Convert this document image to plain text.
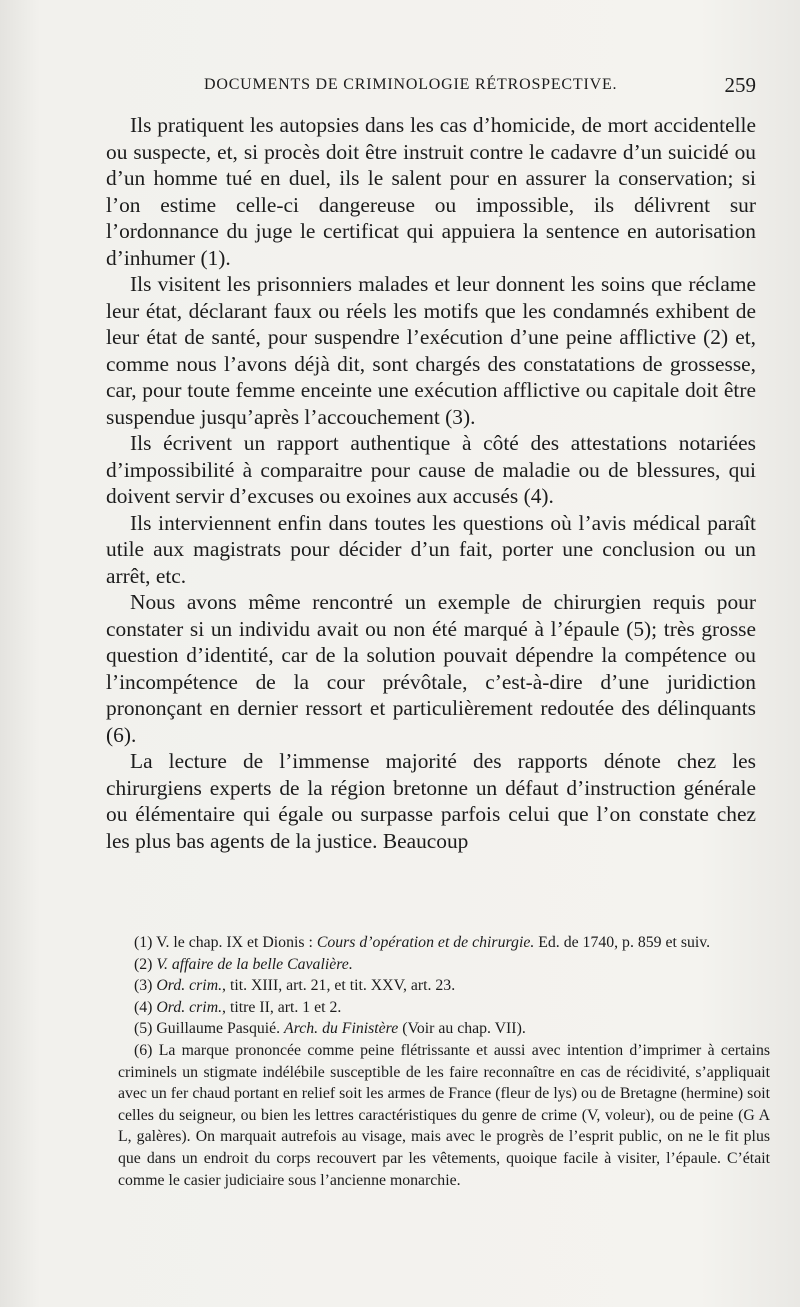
DOCUMENTS DE CRIMINOLOGIE RÉTROSPECTIVE.	259

Ils pratiquent les autopsies dans les cas d’homicide, de mort accidentelle ou suspecte, et, si procès doit être instruit contre le cadavre d’un suicidé ou d’un homme tué en duel, ils le salent pour en assurer la conservation; si l’on estime celle-ci dangereuse ou impossible, ils délivrent sur l’ordonnance du juge le certificat qui appuiera la sentence en autorisation d’inhumer (1).

Ils visitent les prisonniers malades et leur donnent les soins que réclame leur état, déclarant faux ou réels les motifs que les condamnés exhibent de leur état de santé, pour suspendre l’exécution d’une peine afflictive (2) et, comme nous l’avons déjà dit, sont chargés des constatations de grossesse, car, pour toute femme enceinte une exécution afflictive ou capitale doit être suspendue jusqu’après l’accouchement (3).

Ils écrivent un rapport authentique à côté des attestations notariées d’impossibilité à comparaitre pour cause de maladie ou de blessures, qui doivent servir d’excuses ou exoines aux accusés (4).

Ils interviennent enfin dans toutes les questions où l’avis médical paraît utile aux magistrats pour décider d’un fait, porter une conclusion ou un arrêt, etc.

Nous avons même rencontré un exemple de chirurgien requis pour constater si un individu avait ou non été marqué à l’épaule (5); très grosse question d’identité, car de la solution pouvait dépendre la compétence ou l’incompétence de la cour prévôtale, c’est-à-dire d’une juridiction prononçant en dernier ressort et particulièrement redoutée des délinquants (6).

La lecture de l’immense majorité des rapports dénote chez les chirurgiens experts de la région bretonne un défaut d’instruction générale ou élémentaire qui égale ou surpasse parfois celui que l’on constate chez les plus bas agents de la justice. Beaucoup

(1) V. le chap. IX et Dionis : Cours d’opération et de chirurgie. Ed. de 1740, p. 859 et suiv.

(2) V. affaire de la belle Cavalière.

(3) Ord. crim., tit. XIII, art. 21, et tit. XXV, art. 23.

(4) Ord. crim., titre II, art. 1 et 2.

(5) Guillaume Pasquié. Arch. du Finistère (Voir au chap. VII).

(6) La marque prononcée comme peine flétrissante et aussi avec intention d’imprimer à certains criminels un stigmate indélébile susceptible de les faire reconnaître en cas de récidivité, s’appliquait avec un fer chaud portant en relief soit les armes de France (fleur de lys) ou de Bretagne (hermine) soit celles du seigneur, ou bien les lettres caractéristiques du genre de crime (V, voleur), ou de peine (G A L, galères). On marquait autrefois au visage, mais avec le progrès de l’esprit public, on ne le fit plus que dans un endroit du corps recouvert par les vêtements, quoique facile à visiter, l’épaule. C’était comme le casier judiciaire sous l’ancienne monarchie.
